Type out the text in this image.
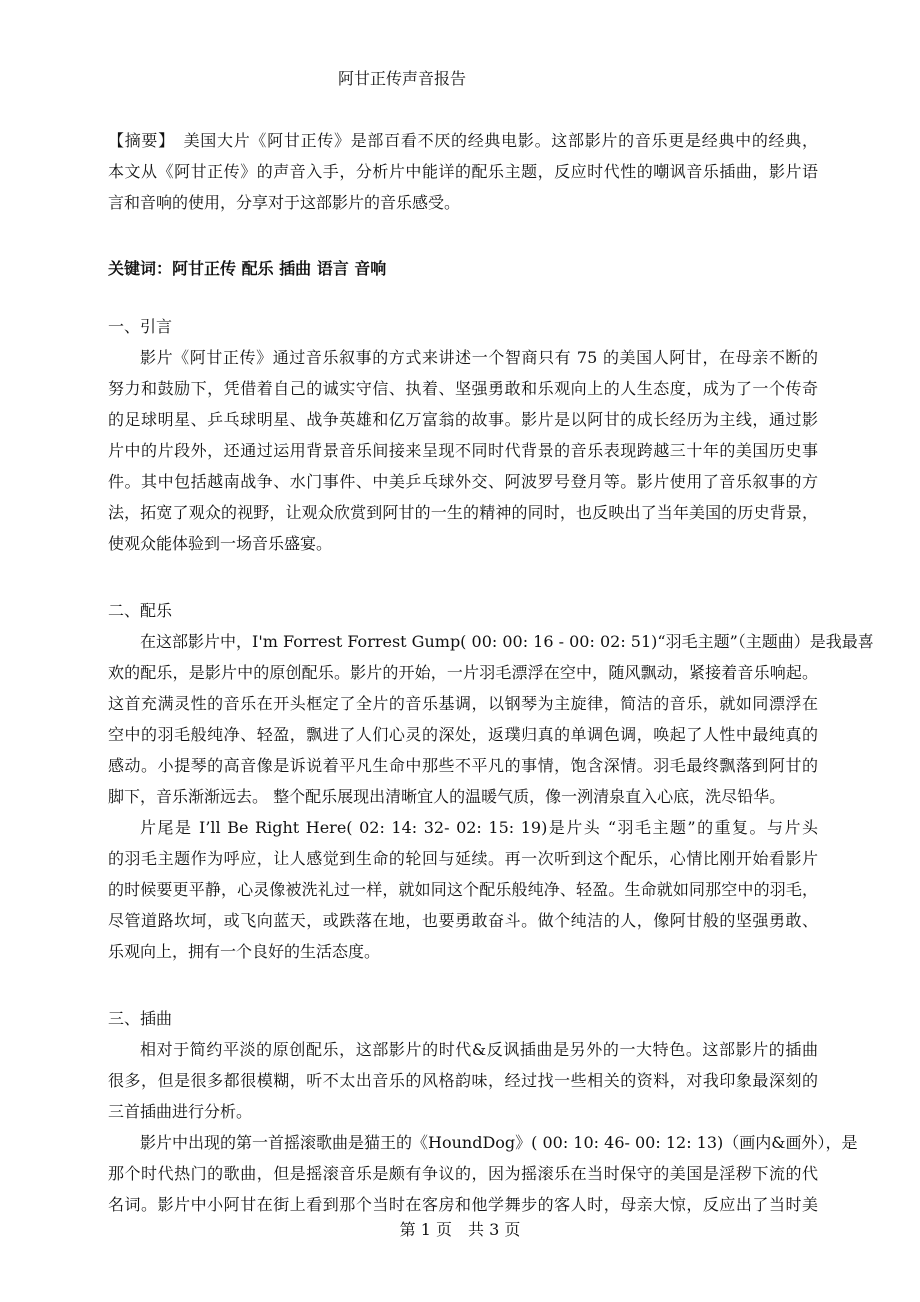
阿甘正传声音报告
【摘要】　美国大片《阿甘正传》是部百看不厌的经典电影。这部影片的音乐更是经典中的经典，
本文从《阿甘正传》的声音入手，分析片中能详的配乐主题，反应时代性的嘲讽音乐插曲，影片语
言和音响的使用，分享对于这部影片的音乐感受。
关键词：阿甘正传 配乐 插曲 语言 音响
一、引言
影片《阿甘正传》通过音乐叙事的方式来讲述一个智商只有 75 的美国人阿甘，在母亲不断的
努力和鼓励下，凭借着自己的诚实守信、执着、坚强勇敢和乐观向上的人生态度，成为了一个传奇
的足球明星、乒乓球明星、战争英雄和亿万富翁的故事。影片是以阿甘的成长经历为主线，通过影
片中的片段外，还通过运用背景音乐间接来呈现不同时代背景的音乐表现跨越三十年的美国历史事
件。其中包括越南战争、水门事件、中美乒乓球外交、阿波罗号登月等。影片使用了音乐叙事的方
法，拓宽了观众的视野，让观众欣赏到阿甘的一生的精神的同时，也反映出了当年美国的历史背景，
使观众能体验到一场音乐盛宴。
二、配乐
在这部影片中，I'm Forrest Forrest Gump( 00: 00: 16 - 00: 02: 51)“羽毛主题”（主题曲）是我最喜
欢的配乐，是影片中的原创配乐。影片的开始，一片羽毛漂浮在空中，随风飘动，紧接着音乐响起。
这首充满灵性的音乐在开头框定了全片的音乐基调，以钢琴为主旋律，简洁的音乐，就如同漂浮在
空中的羽毛般纯净、轻盈，飘进了人们心灵的深处，返璞归真的单调色调，唤起了人性中最纯真的
感动。小提琴的高音像是诉说着平凡生命中那些不平凡的事情，饱含深情。羽毛最终飘落到阿甘的
脚下，音乐渐渐远去。 整个配乐展现出清晰宜人的温暖气质，像一洌清泉直入心底，洗尽铅华。
片尾是 I’ll Be Right Here( 02: 14: 32- 02: 15: 19)是片头 “羽毛主题”的重复。与片头
的羽毛主题作为呼应，让人感觉到生命的轮回与延续。再一次听到这个配乐，心情比刚开始看影片
的时候要更平静，心灵像被洗礼过一样，就如同这个配乐般纯净、轻盈。生命就如同那空中的羽毛，
尽管道路坎坷，或飞向蓝天，或跌落在地，也要勇敢奋斗。做个纯洁的人，像阿甘般的坚强勇敢、
乐观向上，拥有一个良好的生活态度。
三、插曲
相对于简约平淡的原创配乐，这部影片的时代&反讽插曲是另外的一大特色。这部影片的插曲
很多，但是很多都很模糊，听不太出音乐的风格韵味，经过找一些相关的资料，对我印象最深刻的
三首插曲进行分析。
影片中出现的第一首摇滚歌曲是猫王的《HoundDog》( 00: 10: 46- 00: 12: 13)（画内&画外），是
那个时代热门的歌曲，但是摇滚音乐是颇有争议的，因为摇滚乐在当时保守的美国是淫秽下流的代
名词。影片中小阿甘在街上看到那个当时在客房和他学舞步的客人时，母亲大惊，反应出了当时美
第 1 页　共 3 页
